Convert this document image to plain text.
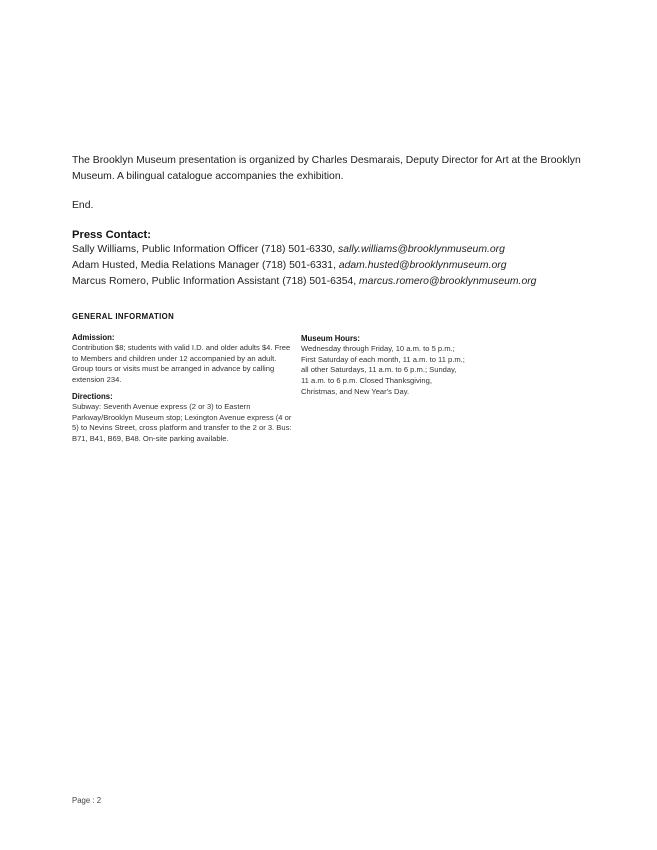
The Brooklyn Museum presentation is organized by Charles Desmarais, Deputy Director for Art at the Brooklyn Museum. A bilingual catalogue accompanies the exhibition.

End.

Press Contact:
Sally Williams, Public Information Officer (718) 501-6330, sally.williams@brooklynmuseum.org
Adam Husted, Media Relations Manager (718) 501-6331, adam.husted@brooklynmuseum.org
Marcus Romero, Public Information Assistant (718) 501-6354, marcus.romero@brooklynmuseum.org
GENERAL INFORMATION

Admission:

Contribution $8; students with valid I.D. and older adults $4. Free to Members and children under 12 accompanied by an adult. Group tours or visits must be arranged in advance by calling extension 234.

Directions:

Subway: Seventh Avenue express (2 or 3) to Eastern Parkway/Brooklyn Museum stop; Lexington Avenue express (4 or 5) to Nevins Street, cross platform and transfer to the 2 or 3. Bus: B71, B41, B69, B48. On-site parking available.

Museum Hours:

Wednesday through Friday, 10 a.m. to 5 p.m.; First Saturday of each month, 11 a.m. to 11 p.m.; all other Saturdays, 11 a.m. to 6 p.m.; Sunday, 11 a.m. to 6 p.m. Closed Thanksgiving, Christmas, and New Year's Day.

Page : 2
